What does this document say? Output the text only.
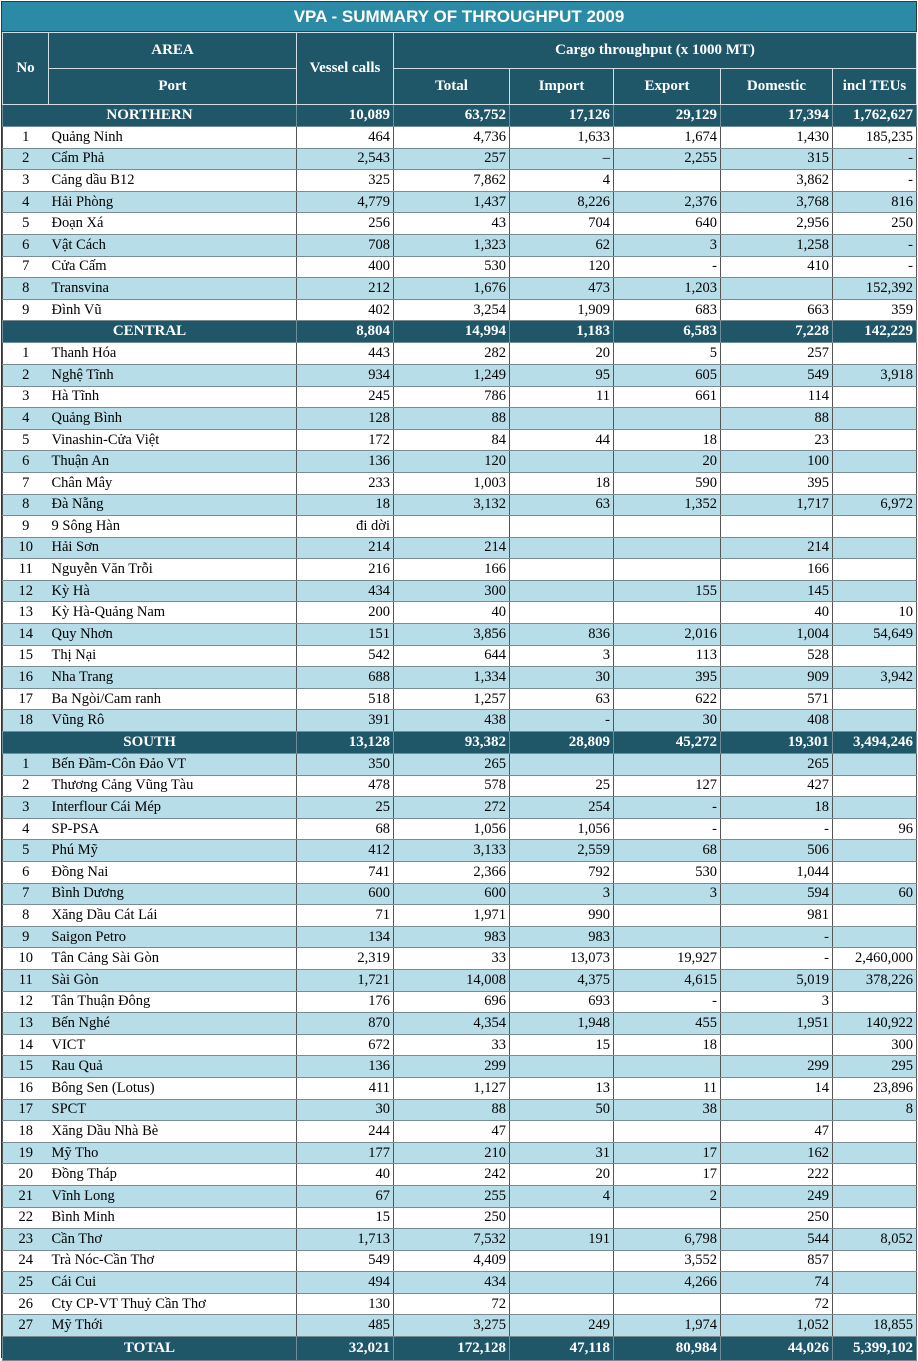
VPA - SUMMARY OF THROUGHPUT 2009
No	AREA	Vessel calls	Cargo throughput (x 1000 MT)				
	Port		Total	Import	Export	Domestic	incl TEUs
NORTHERN		10,089	63,752	17,126	29,129	17,394	1,762,627
1	Quảng Ninh	464	4,736	1,633	1,674	1,430	185,235
2	Cẩm Phả	2,543	257	–	2,255	315	-
3	Cảng dầu B12	325	7,862	4		3,862	-
4	Hải Phòng	4,779	1,437	8,226	2,376	3,768	816
5	Đoạn Xá	256	43	704	640	2,956	250
6	Vật Cách	708	1,323	62	3	1,258	-
7	Cửa Cấm	400	530	120	-	410	-
8	Transvina	212	1,676	473	1,203		152,392
9	Đình Vũ	402	3,254	1,909	683	663	359
CENTRAL		8,804	14,994	1,183	6,583	7,228	142,229
1	Thanh Hóa	443	282	20	5	257	
2	Nghệ Tĩnh	934	1,249	95	605	549	3,918
3	Hà Tĩnh	245	786	11	661	114	
4	Quảng Bình	128	88			88	
5	Vinashin-Cửa Việt	172	84	44	18	23	
6	Thuận An	136	120		20	100	
7	Chân Mây	233	1,003	18	590	395	
8	Đà Nẵng	18	3,132	63	1,352	1,717	6,972
9	9 Sông Hàn	đi dời					
10	Hải Sơn	214	214			214	
11	Nguyễn Văn Trỗi	216	166			166	
12	Kỳ Hà	434	300		155	145	
13	Kỳ Hà-Quảng Nam	200	40			40	10
14	Quy Nhơn	151	3,856	836	2,016	1,004	54,649
15	Thị Nại	542	644	3	113	528	
16	Nha Trang	688	1,334	30	395	909	3,942
17	Ba Ngòi/Cam ranh	518	1,257	63	622	571	
18	Vũng Rô	391	438	-	30	408	
SOUTH		13,128	93,382	28,809	45,272	19,301	3,494,246
1	Bến Đầm-Côn Đảo VT	350	265			265	
2	Thương Cảng Vũng Tàu	478	578	25	127	427	
3	Interflour Cái Mép	25	272	254	-	18	
4	SP-PSA	68	1,056	1,056	-	-	96
5	Phú Mỹ	412	3,133	2,559	68	506	
6	Đồng Nai	741	2,366	792	530	1,044	
7	Bình Dương	600	600	3	3	594	60
8	Xăng Dầu Cát Lái	71	1,971	990		981	
9	Saigon Petro	134	983	983		-	
10	Tân Cảng Sài Gòn	2,319	33	13,073	19,927	-	2,460,000
11	Sài Gòn	1,721	14,008	4,375	4,615	5,019	378,226
12	Tân Thuận Đông	176	696	693	-	3	
13	Bến Nghé	870	4,354	1,948	455	1,951	140,922
14	VICT	672	33	15	18		300
15	Rau Quả	136	299			299	295
16	Bông Sen (Lotus)	411	1,127	13	11	14	23,896
17	SPCT	30	88	50	38		8
18	Xăng Dầu Nhà Bè	244	47			47	
19	Mỹ Tho	177	210	31	17	162	
20	Đồng Tháp	40	242	20	17	222	
21	Vĩnh Long	67	255	4	2	249	
22	Bình Minh	15	250			250	
23	Cần Thơ	1,713	7,532	191	6,798	544	8,052
24	Trà Nóc-Cần Thơ	549	4,409		3,552	857	
25	Cái Cui	494	434		4,266	74	
26	Cty CP-VT Thuỷ Cần Thơ	130	72			72	
27	Mỹ Thới	485	3,275	249	1,974	1,052	18,855
TOTAL		32,021	172,128	47,118	80,984	44,026	5,399,102
